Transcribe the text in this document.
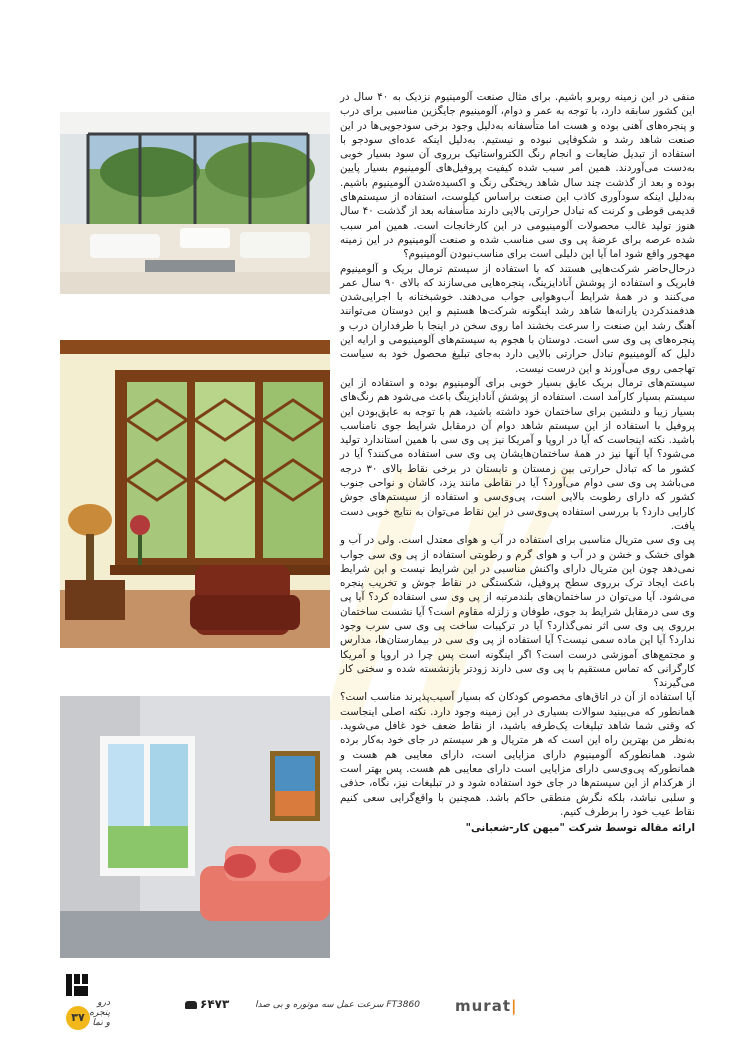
منفی در این زمینه روبرو باشیم. برای مثال صنعت آلومینیوم نزدیک به ۴۰ سال در این کشور سابقه دارد، با توجه به عمر و دوام، آلومینیوم جایگزین مناسبی برای درب و پنجره‌های آهنی بوده و هست اما متأسفانه به‌دلیل وجود برخی سودجویی‌ها در این صنعت شاهد رشد و شکوفایی نبوده و نیستیم. به‌دلیل اینکه عده‌ای سودجو با استفاده از تبدیل ضایعات و انجام رنگ الکترواستاتیک برروی آن سود بسیار خوبی به‌دست می‌آوردند. همین امر سبب شده کیفیت پروفیل‌های آلومینیوم بسیار پایین بوده و بعد از گذشت چند سال شاهد ریختگی رنگ و اکسیده‌شدن آلومینیوم باشیم. به‌دلیل اینکه سودآوری کاذب این صنعت براساس کیلوست، استفاده از سیستم‌های قدیمی قوطی و کرنت که تبادل حرارتی بالایی دارند متأسفانه بعد از گذشت ۴۰ سال هنوز تولید غالب محصولات آلومینیومی در این کارخانجات است. همین امر سبب شده عرصه برای عرضهٔ پی وی سی مناسب شده و صنعت آلومینیوم در این زمینه مهجور واقع شود اما آیا این دلیلی است برای مناسب‌نبودن آلومینیوم؟

درحال‌حاضر شرکت‌هایی هستند که با استفاده از سیستم ترمال بریک و آلومینیوم فابریک و استفاده از پوشش آنادایزینگ، پنجره‌هایی می‌سازند که بالای ۹۰ سال عمر می‌کنند و در همهٔ شرایط آب‌وهوایی جواب می‌دهند. خوشبختانه با اجرایی‌شدن هدفمندکردن یارانه‌ها شاهد رشد اینگونه شرکت‌ها هستیم و این دوستان می‌توانند آهنگ رشد این صنعت را سرعت بخشند اما روی سخن در اینجا با طرفداران درب و پنجره‌های پی وی سی است. دوستان با هجوم به سیستم‌های آلومینیومی و ارایه این دلیل که آلومینیوم تبادل حرارتی بالایی دارد به‌جای تبلیغ محصول خود به سیاست تهاجمی روی می‌آورند و این درست نیست.

سیستم‌های ترمال بریک عایق بسیار خوبی برای آلومینیوم بوده و استفاده از این سیستم بسیار کارآمد است. استفاده از پوشش آنادایزینگ باعث می‌شود هم رنگ‌های بسیار زیبا و دلنشین برای ساختمان خود داشته باشید، هم با توجه به عایق‌بودن این پروفیل با استفاده از این سیستم شاهد دوام آن درمقابل شرایط جوی نامناسب باشید. نکته اینجاست که آیا در اروپا و آمریکا نیز پی وی سی با همین استاندارد تولید می‌شود؟ آیا آنها نیز در همهٔ ساختمان‌هایشان پی وی سی استفاده می‌کنند؟ آیا در کشور ما که تبادل حرارتی بین زمستان و تابستان در برخی نقاط بالای ۳۰ درجه می‌باشد پی وی سی دوام می‌آورد؟ آیا در نقاطی مانند یزد، کاشان و نواحی جنوب کشور که دارای رطوبت بالایی است، پی‌وی‌سی و استفاده از سیستم‌های جوش کارایی دارد؟ با بررسی استفاده پی‌وی‌سی در این نقاط می‌توان به نتایج خوبی دست یافت.

پی وی سی متریال مناسبی برای استفاده در آب و هوای معتدل است. ولی در آب و هوای خشک و خشن و در آب و هوای گرم و رطوبتی استفاده از پی وی سی جواب نمی‌دهد چون این متریال دارای واکنش مناسبی در این شرایط نیست و این شرایط باعث ایجاد ترک برروی سطح پروفیل، شکستگی در نقاط جوش و تخریب پنجره می‌شود. آیا می‌توان در ساختمان‌های بلندمرتبه از پی وی سی استفاده کرد؟ آیا پی وی سی درمقابل شرایط بد جوی، طوفان و زلزله مقاوم است؟ آیا نشست ساختمان برروی پی وی سی اثر نمی‌گذارد؟ آیا در ترکیبات ساخت پی وی سی سرب وجود ندارد؟ آیا این ماده سمی نیست؟ آیا استفاده از پی وی سی در بیمارستان‌ها، مدارس و مجتمع‌های آموزشی درست است؟ اگر اینگونه است پس چرا در اروپا و آمریکا کارگرانی که تماس مستقیم با پی وی سی دارند زودتر بازنشسته شده و سختی کار می‌گیرند؟

آیا استفاده از آن در اتاق‌های مخصوص کودکان که بسیار آسیب‌پذیرند مناسب است؟ همانطور که می‌بینید سوالات بسیاری در این زمینه وجود دارد. نکته اصلی اینجاست که وقتی شما شاهد تبلیغات یک‌طرفه باشید، از نقاط ضعف خود غافل می‌شوید. به‌نظر من بهترین راه این است که هر متریال و هر سیستم در جای خود به‌کار برده شود. همانطورکه آلومینیوم دارای مزایایی است، دارای معایبی هم هست و همانطورکه پی‌وی‌سی دارای مزایایی است دارای معایبی هم هست. پس بهتر است از هرکدام از این سیستم‌ها در جای خود استفاده شود و در تبلیغات نیز، نگاه، حذفی و سلبی نباشد، بلکه نگرش منطقی حاکم باشد. همچنین با واقع‌گرایی سعی کنیم نقاط عیب خود را برطرف کنیم.

ارائه مقاله توسط شرکت "میهن کار-شعبانی"

murat|
FT3860 سرعت عمل سه موتوره و بی صدا
۶۴۷۳
۳۷
درو پنجره و نما
